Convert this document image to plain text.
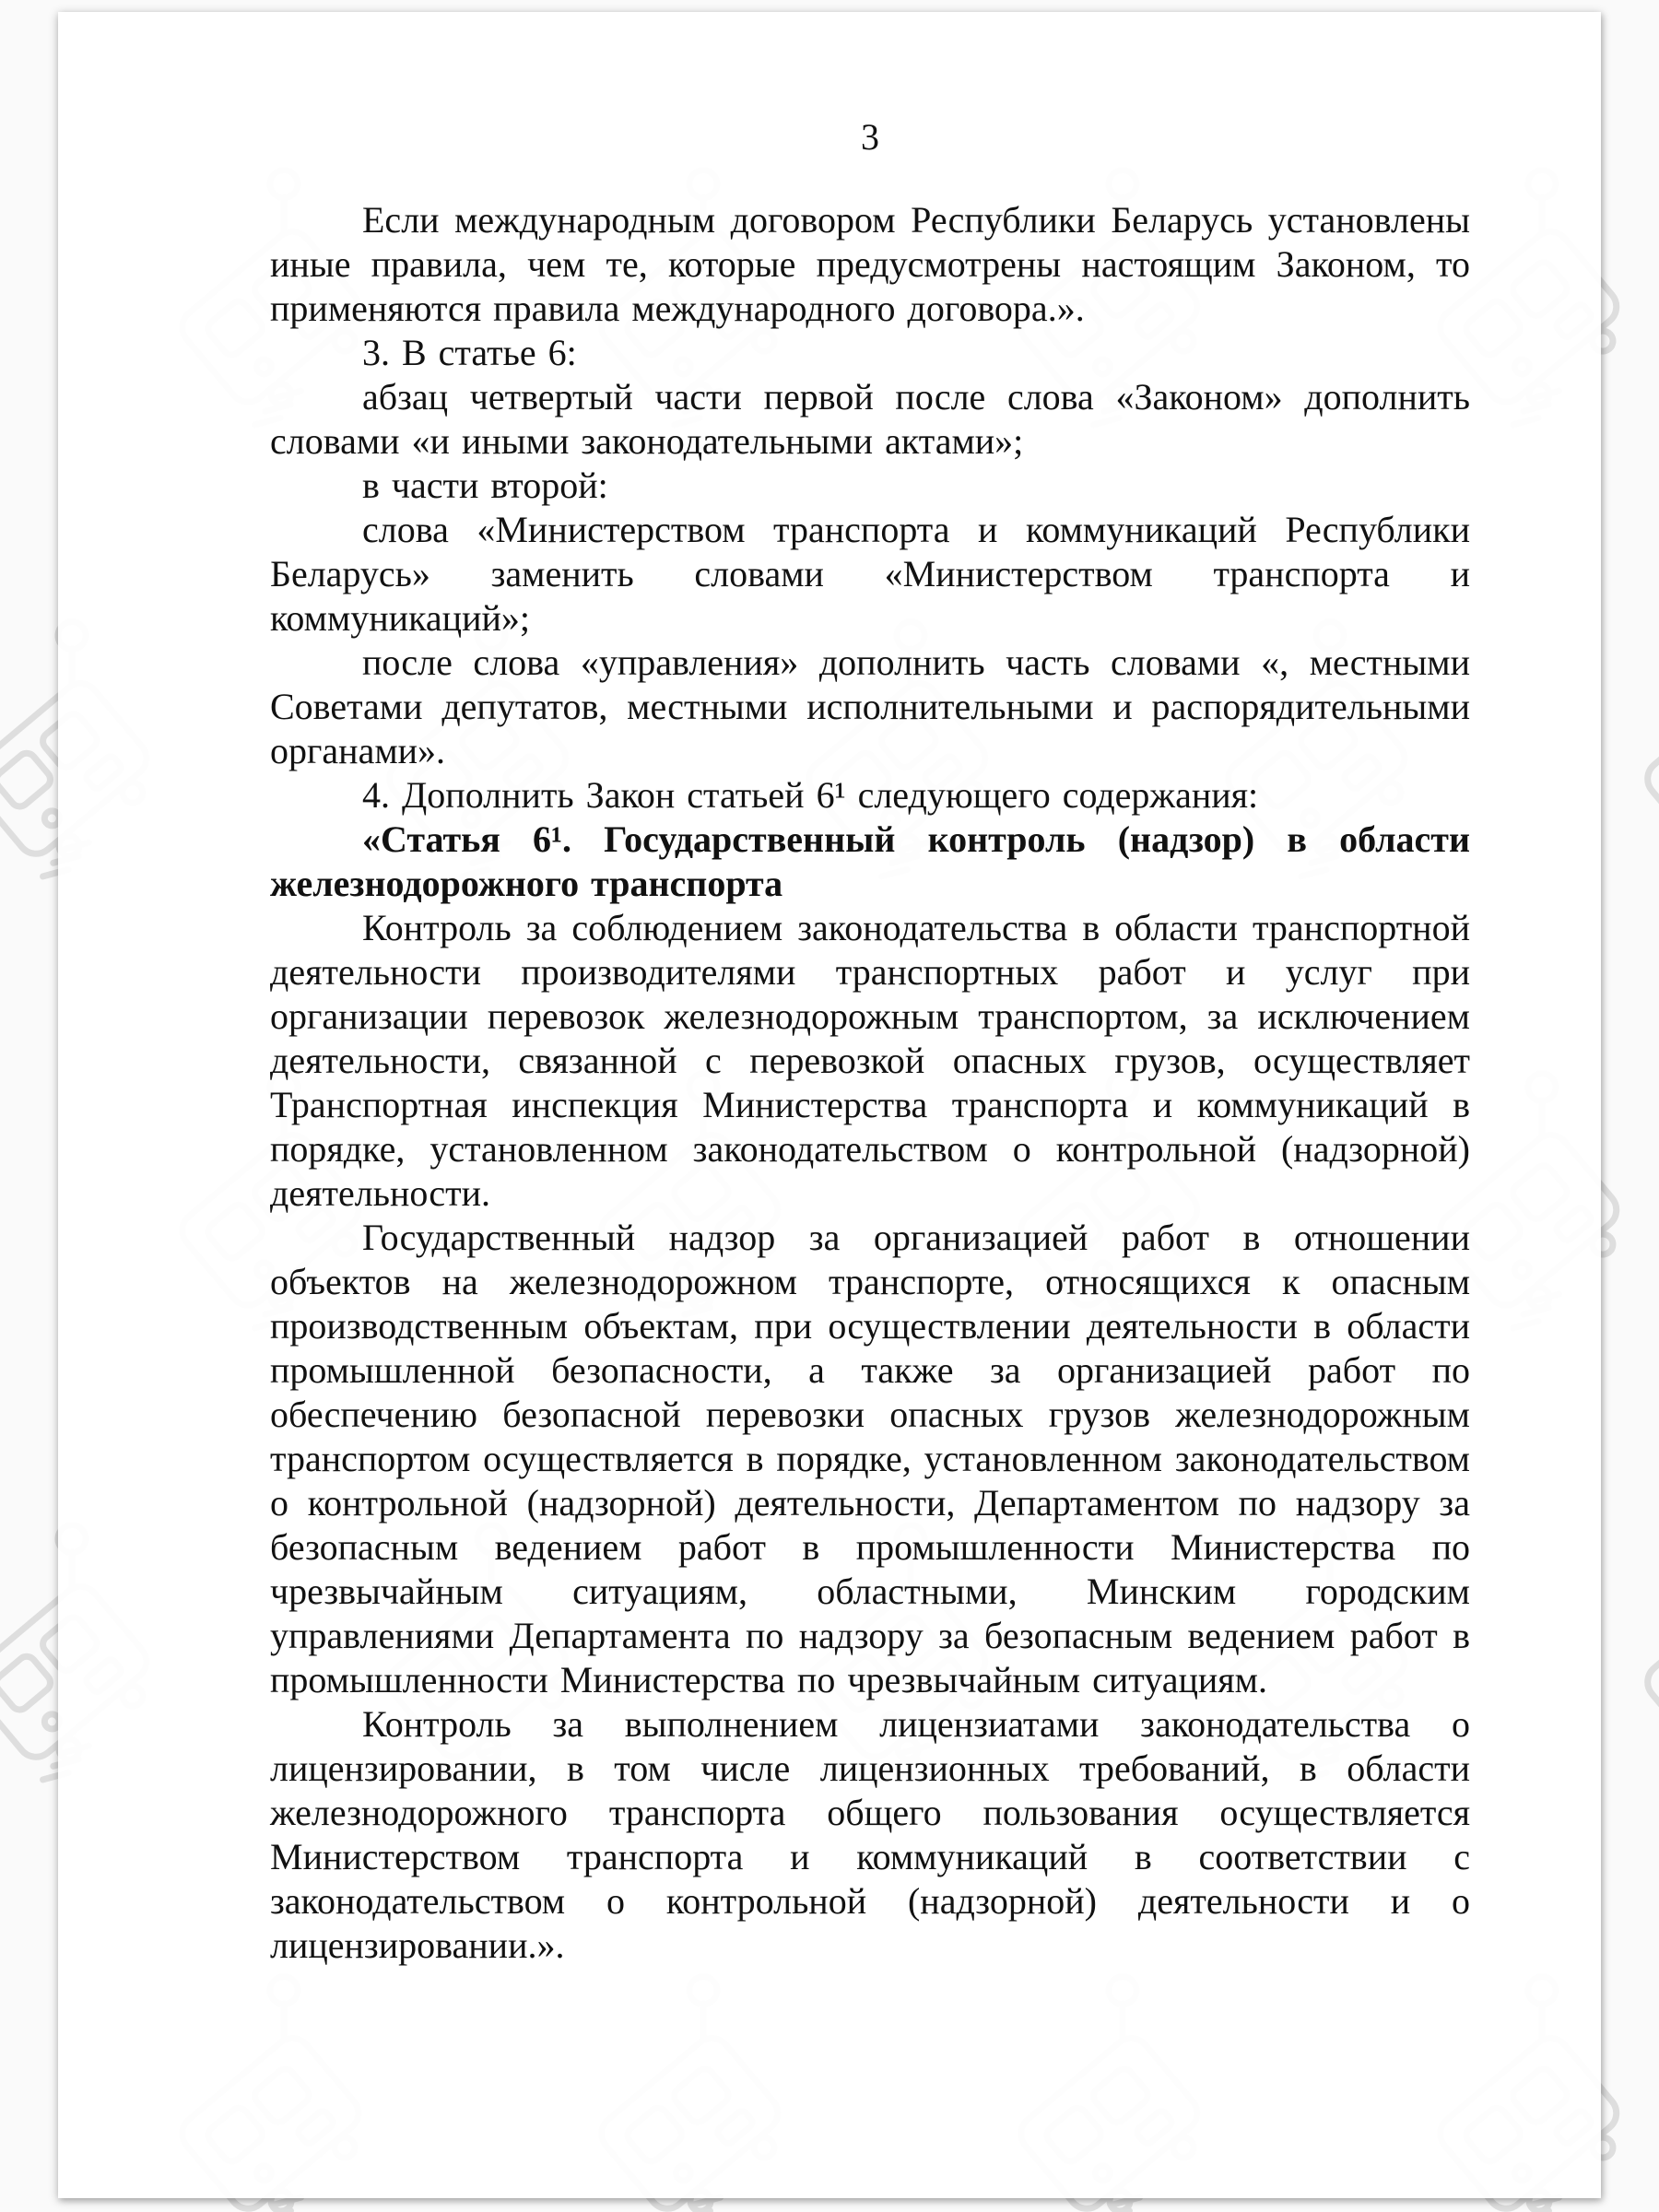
3

Если международным договором Республики Беларусь установлены иные правила, чем те, которые предусмотрены настоящим Законом, то применяются правила международного договора.».

3. В статье 6:

абзац четвертый части первой после слова «Законом» дополнить словами «и иными законодательными актами»;

в части второй:

слова «Министерством транспорта и коммуникаций Республики Беларусь» заменить словами «Министерством транспорта и коммуникаций»;

после слова «управления» дополнить часть словами «, местными Советами депутатов, местными исполнительными и распорядительными органами».

4. Дополнить Закон статьей 6¹ следующего содержания:

«Статья 6¹. Государственный контроль (надзор) в области железнодорожного транспорта

Контроль за соблюдением законодательства в области транспортной деятельности производителями транспортных работ и услуг при организации перевозок железнодорожным транспортом, за исключением деятельности, связанной с перевозкой опасных грузов, осуществляет Транспортная инспекция Министерства транспорта и коммуникаций в порядке, установленном законодательством о контрольной (надзорной) деятельности.

Государственный надзор за организацией работ в отношении объектов на железнодорожном транспорте, относящихся к опасным производственным объектам, при осуществлении деятельности в области промышленной безопасности, а также за организацией работ по обеспечению безопасной перевозки опасных грузов железнодорожным транспортом осуществляется в порядке, установленном законодательством о контрольной (надзорной) деятельности, Департаментом по надзору за безопасным ведением работ в промышленности Министерства по чрезвычайным ситуациям, областными, Минским городским управлениями Департамента по надзору за безопасным ведением работ в промышленности Министерства по чрезвычайным ситуациям.

Контроль за выполнением лицензиатами законодательства о лицензировании, в том числе лицензионных требований, в области железнодорожного транспорта общего пользования осуществляется Министерством транспорта и коммуникаций в соответствии с законодательством о контрольной (надзорной) деятельности и о лицензировании.».
